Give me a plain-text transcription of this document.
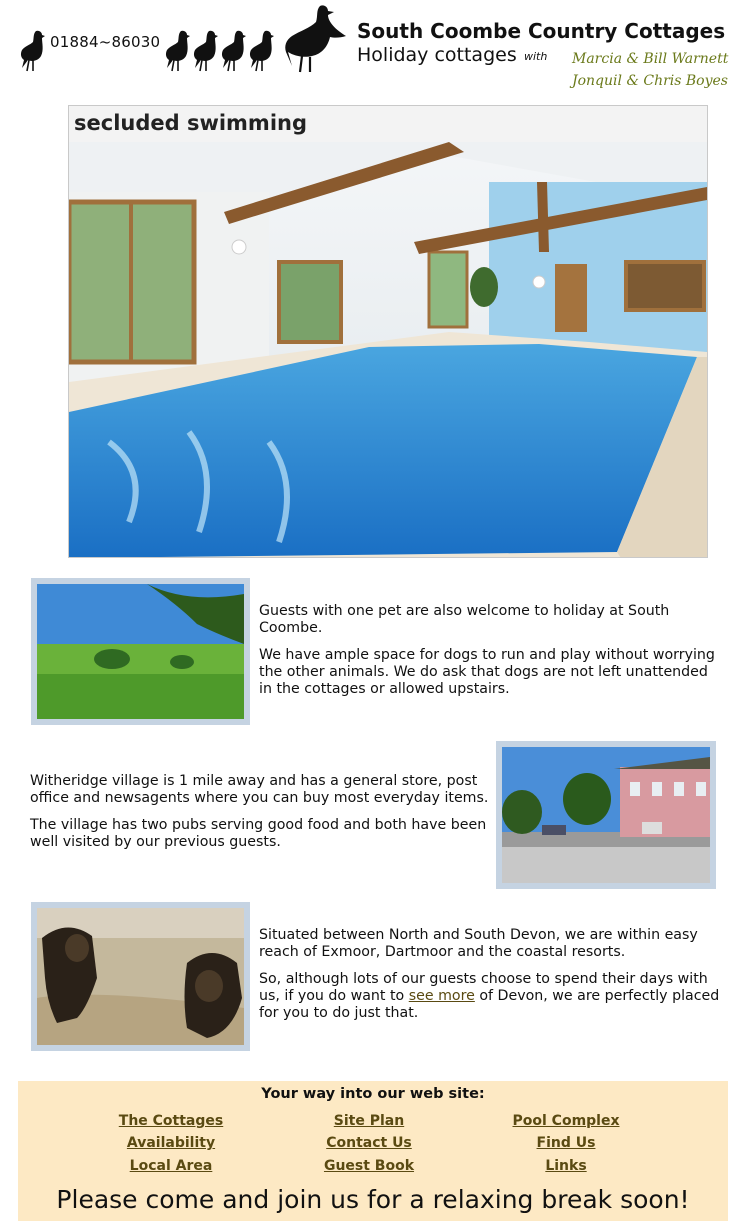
01884~86030	South Coombe Country Cottages
Holiday cottages with Marcia & Bill Warnett
Jonquil & Chris Boyes
secluded swimming

Guests with one pet are also welcome to holiday at South Coombe.

We have ample space for dogs to run and play without worrying the other animals. We do ask that dogs are not left unattended in the cottages or allowed upstairs.

Witheridge village is 1 mile away and has a general store, post office and newsagents where you can buy most everyday items.

The village has two pubs serving good food and both have been well visited by our previous guests.

Situated between North and South Devon, we are within easy reach of Exmoor, Dartmoor and the coastal resorts.

So, although lots of our guests choose to spend their days with us, if you do want to see more of Devon, we are perfectly placed for you to do just that.

Your way into our web site:
The Cottages	Site Plan	Pool Complex
Availability	Contact Us	Find Us
Local Area	Guest Book	Links
Please come and join us for a relaxing break soon!
